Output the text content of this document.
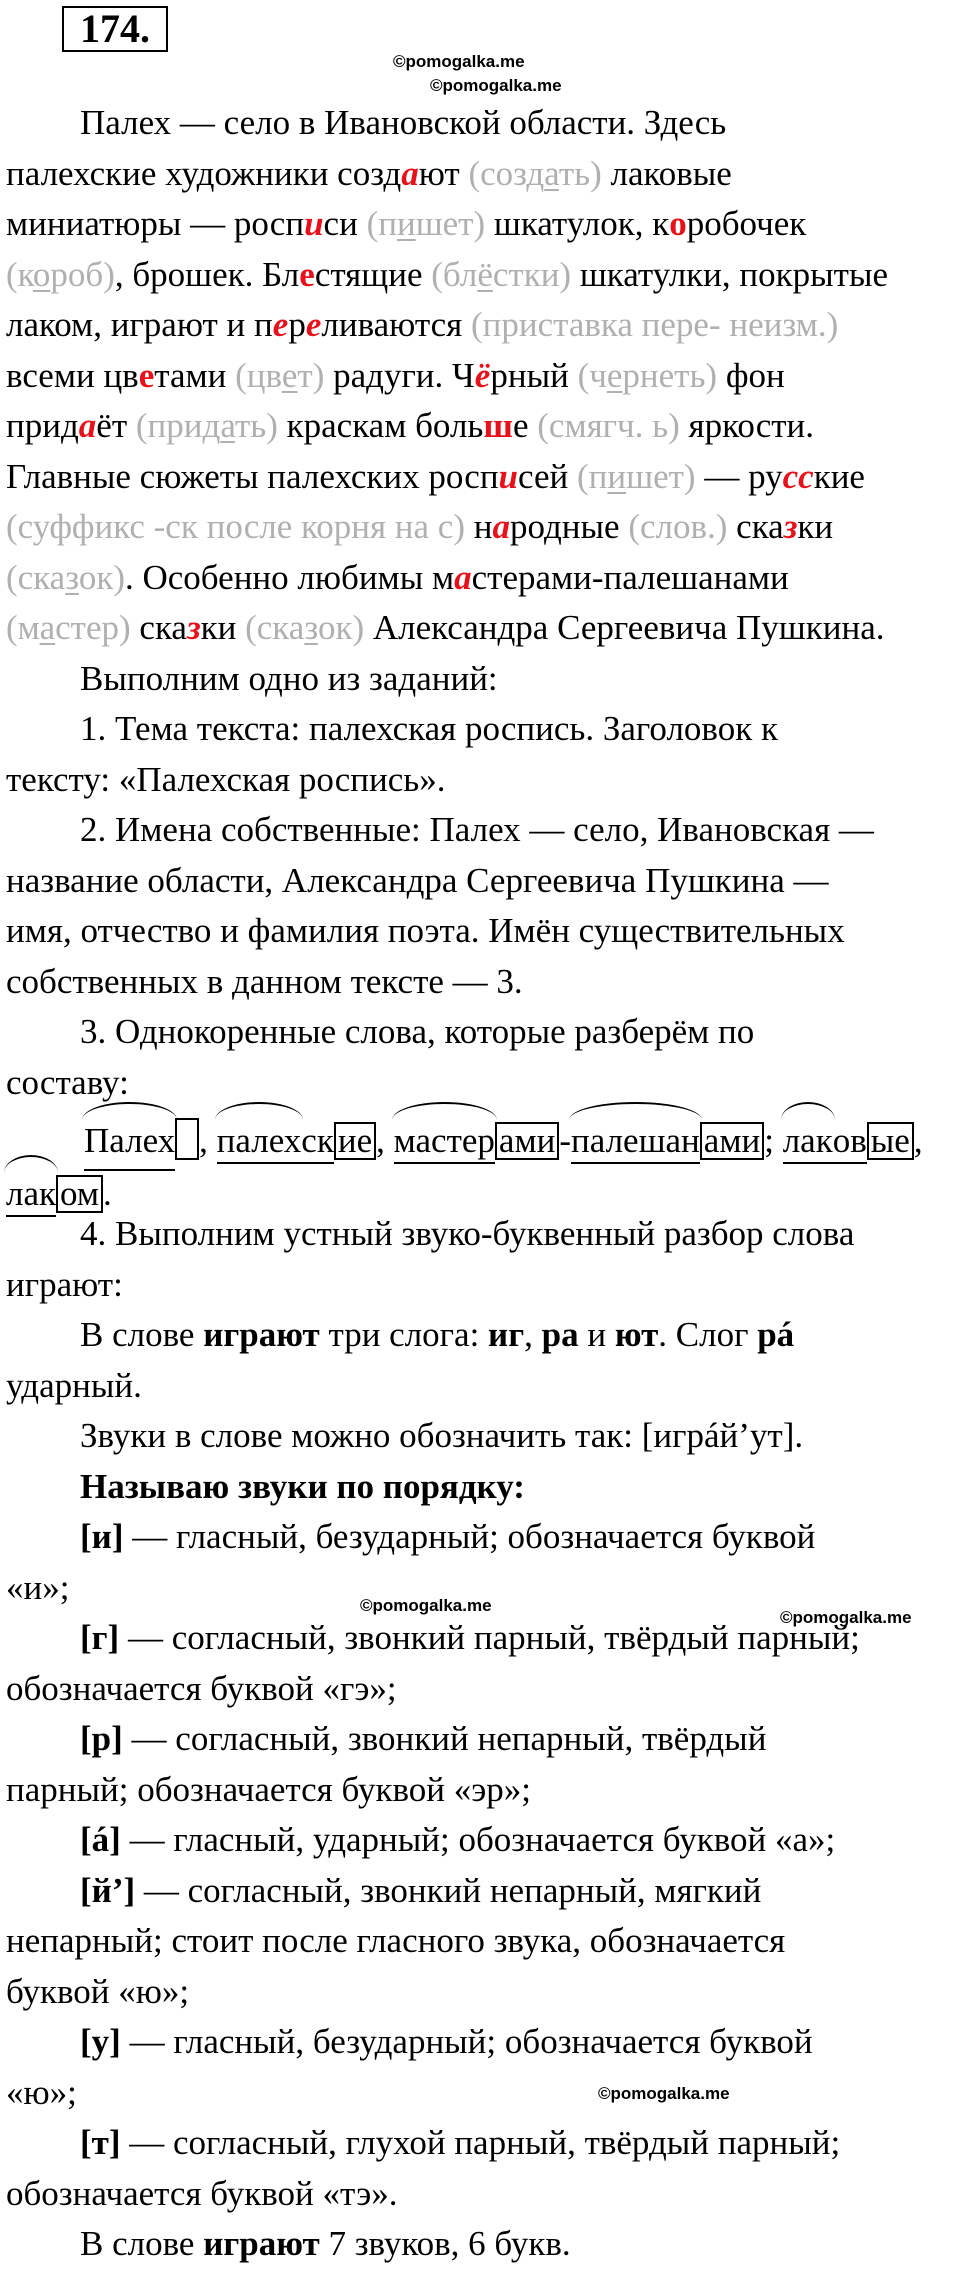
174.
©pomogalka.me
©pomogalka.me
©pomogalka.me
©pomogalka.me
©pomogalka.me
Палех — село в Ивановской области. Здесь
палехские художники создают (создать) лаковые
миниатюры — росписи (пишет) шкатулок, коробочек
(короб), брошек. Блестящие (блёстки) шкатулки, покрытые
лаком, играют и переливаются (приставка пере- неизм.)
всеми цветами (цвет) радуги. Чёрный (чернеть) фон
придаёт (придать) краскам больше (смягч. ь) яркости.
Главные сюжеты палехских росписей (пишет) — русские
(суффикс -ск после корня на с) народные (слов.) сказки
(сказок). Особенно любимы мастерами-палешанами
(мастер) сказки (сказок) Александра Сергеевича Пушкина.
Выполним одно из заданий:
1. Тема текста: палехская роспись. Заголовок к
тексту: «Палехская роспись».
2. Имена собственные: Палех — село, Ивановская —
название области, Александра Сергеевича Пушкина —
имя, отчество и фамилия поэта. Имён существительных
собственных в данном тексте — 3.
3. Однокоренные слова, которые разберём по
составу:
Палех , палехск ие , мастер ами -палешан ами ; лаков ые ,
лак ом .
4. Выполним устный звуко-буквенный разбор слова
играют:
В слове играют три слога: иг, ра и ют. Слог рá
ударный.
Звуки в слове можно обозначить так: [игрáй’ут].
Называю звуки по порядку:
[и] — гласный, безударный; обозначается буквой
«и»;
[г] — согласный, звонкий парный, твёрдый парный;
обозначается буквой «гэ»;
[р] — согласный, звонкий непарный, твёрдый
парный; обозначается буквой «эр»;
[á] — гласный, ударный; обозначается буквой «а»;
[й’] — согласный, звонкий непарный, мягкий
непарный; стоит после гласного звука, обозначается
буквой «ю»;
[у] — гласный, безударный; обозначается буквой
«ю»;
[т] — согласный, глухой парный, твёрдый парный;
обозначается буквой «тэ».
В слове играют 7 звуков, 6 букв.
